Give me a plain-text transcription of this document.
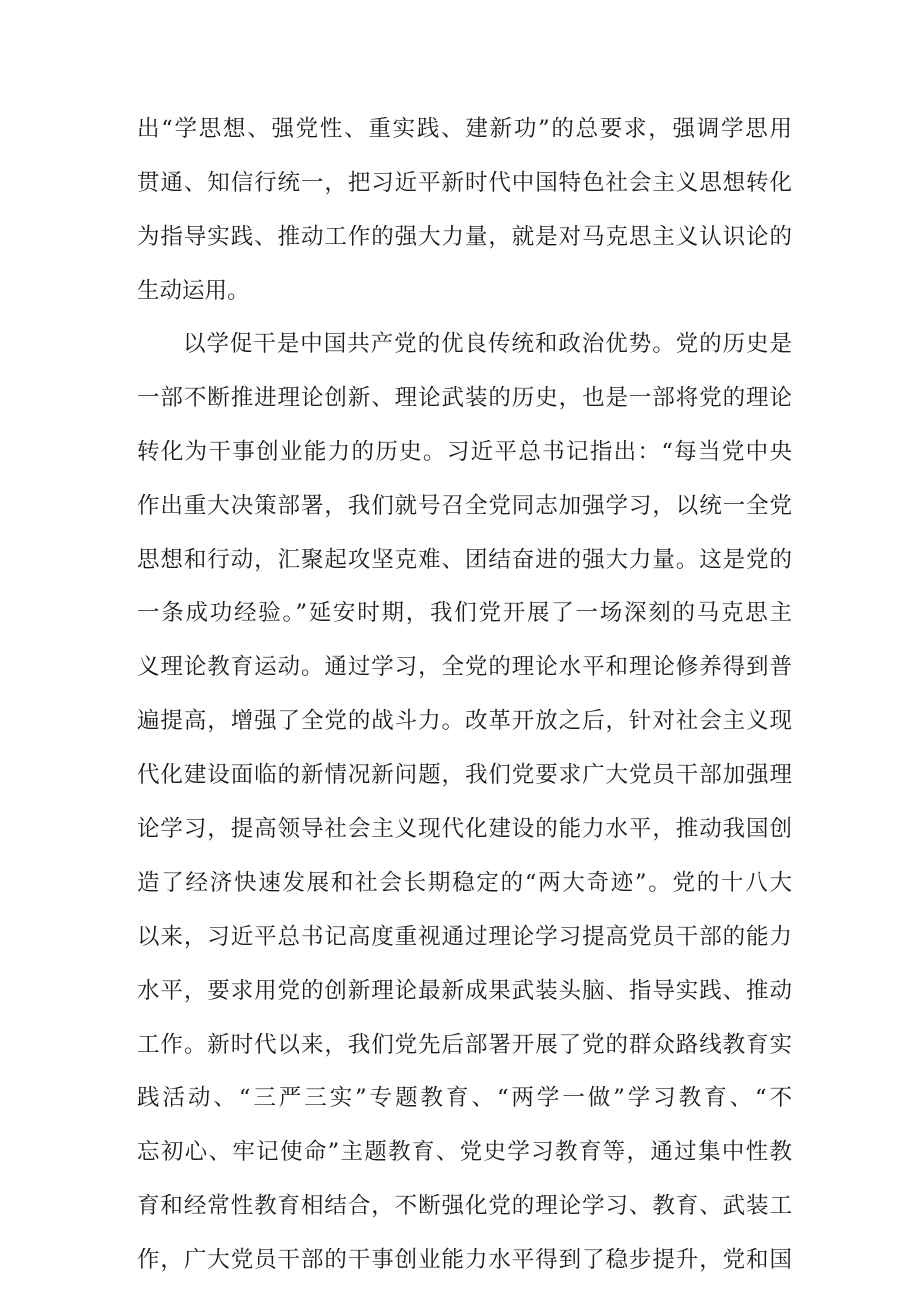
出“学思想、强党性、重实践、建新功”的总要求，强调学思用
贯通、知信行统一，把习近平新时代中国特色社会主义思想转化
为指导实践、推动工作的强大力量，就是对马克思主义认识论的
生动运用。
以学促干是中国共产党的优良传统和政治优势。党的历史是
一部不断推进理论创新、理论武装的历史，也是一部将党的理论
转化为干事创业能力的历史。习近平总书记指出：“每当党中央
作出重大决策部署，我们就号召全党同志加强学习，以统一全党
思想和行动，汇聚起攻坚克难、团结奋进的强大力量。这是党的
一条成功经验。”延安时期，我们党开展了一场深刻的马克思主
义理论教育运动。通过学习，全党的理论水平和理论修养得到普
遍提高，增强了全党的战斗力。改革开放之后，针对社会主义现
代化建设面临的新情况新问题，我们党要求广大党员干部加强理
论学习，提高领导社会主义现代化建设的能力水平，推动我国创
造了经济快速发展和社会长期稳定的“两大奇迹”。党的十八大
以来，习近平总书记高度重视通过理论学习提高党员干部的能力
水平，要求用党的创新理论最新成果武装头脑、指导实践、推动
工作。新时代以来，我们党先后部署开展了党的群众路线教育实
践活动、“三严三实”专题教育、“两学一做”学习教育、“不
忘初心、牢记使命”主题教育、党史学习教育等，通过集中性教
育和经常性教育相结合，不断强化党的理论学习、教育、武装工
作，广大党员干部的干事创业能力水平得到了稳步提升，党和国
